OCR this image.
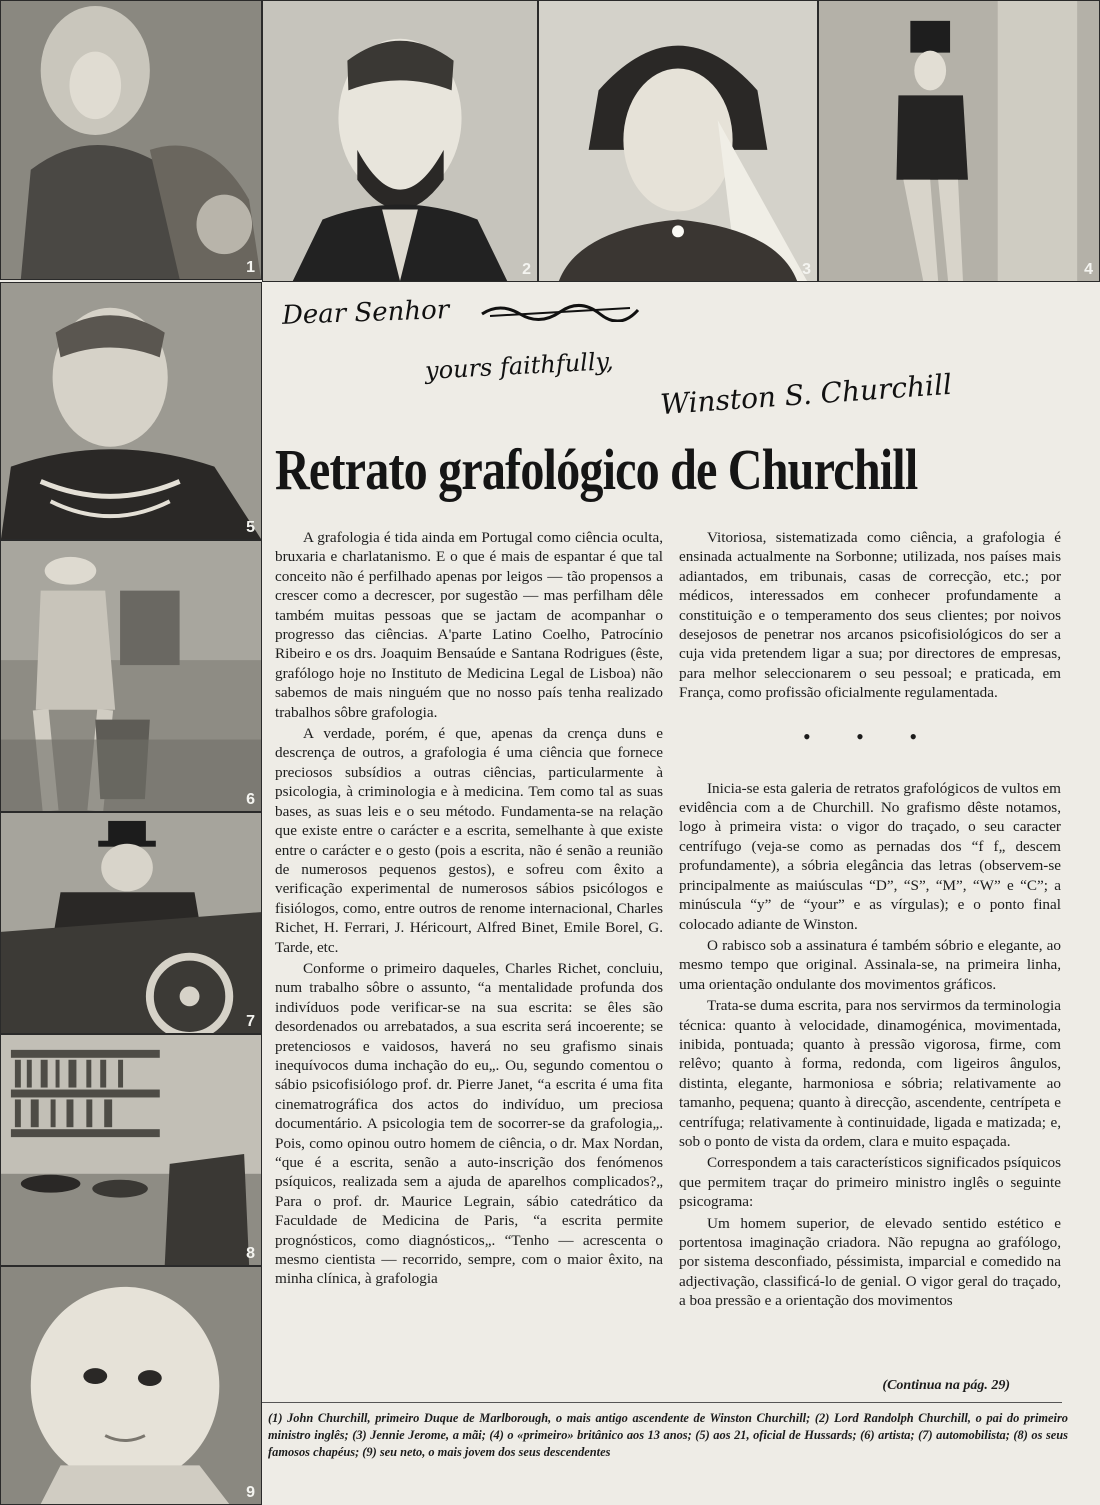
1	2	3	4
5
6
7
8
9
Dear Senhor
yours faithfully,
Winston S. Churchill
Retrato grafológico de Churchill

A grafologia é tida ainda em Portugal como ciência oculta, bruxaria e charlatanismo. E o que é mais de espantar é que tal conceito não é perfilhado apenas por leigos — tão propensos a crescer como a decrescer, por sugestão — mas perfilham dêle também muitas pessoas que se jactam de acompanhar o progresso das ciências. A'parte Latino Coelho, Patrocínio Ribeiro e os drs. Joaquim Bensaúde e Santana Rodrigues (êste, grafólogo hoje no Instituto de Medicina Legal de Lisboa) não sabemos de mais ninguém que no nosso país tenha realizado trabalhos sôbre grafologia.

A verdade, porém, é que, apenas da crença duns e descrença de outros, a grafologia é uma ciência que fornece preciosos subsídios a outras ciências, particularmente à psicologia, à criminologia e à medicina. Tem como tal as suas bases, as suas leis e o seu método. Fundamenta-se na relação que existe entre o carácter e a escrita, semelhante à que existe entre o carácter e o gesto (pois a escrita, não é senão a reunião de numerosos pequenos gestos), e sofreu com êxito a verificação experimental de numerosos sábios psicólogos e fisiólogos, como, entre outros de renome internacional, Charles Richet, H. Ferrari, J. Héricourt, Alfred Binet, Emile Borel, G. Tarde, etc.

Conforme o primeiro daqueles, Charles Richet, concluiu, num trabalho sôbre o assunto, “a mentalidade profunda dos indivíduos pode verificar-se na sua escrita: se êles são desordenados ou arrebatados, a sua escrita será incoerente; se pretenciosos e vaidosos, haverá no seu grafismo sinais inequívocos duma inchação do eu„. Ou, segundo comentou o sábio psicofisiólogo prof. dr. Pierre Janet, “a escrita é uma fita cinematrográfica dos actos do indivíduo, um preciosa documentário. A psicologia tem de socorrer-se da grafologia„. Pois, como opinou outro homem de ciência, o dr. Max Nordan, “que é a escrita, senão a auto-inscrição dos fenómenos psíquicos, realizada sem a ajuda de aparelhos complicados?„ Para o prof. dr. Maurice Legrain, sábio catedrático da Faculdade de Medicina de Paris, “a escrita permite prognósticos, como diagnósticos„. “Tenho — acrescenta o mesmo cientista — recorrido, sempre, com o maior êxito, na minha clínica, à grafologia

Vitoriosa, sistematizada como ciência, a grafologia é ensinada actualmente na Sorbonne; utilizada, nos países mais adiantados, em tribunais, casas de correcção, etc.; por médicos, interessados em conhecer profundamente a constituição e o temperamento dos seus clientes; por noivos desejosos de penetrar nos arcanos psicofisiológicos do ser a cuja vida pretendem ligar a sua; por directores de empresas, para melhor seleccionarem o seu pessoal; e praticada, em França, como profissão oficialmente regulamentada.

• • •

Inicia-se esta galeria de retratos grafológicos de vultos em evidência com a de Churchill. No grafismo dêste notamos, logo à primeira vista: o vigor do traçado, o seu caracter centrífugo (veja-se como as pernadas dos “f f„ descem profundamente), a sóbria elegância das letras (observem-se principalmente as maiúsculas “D”, “S”, “M”, “W” e “C”; a minúscula “y” de “your” e as vírgulas); e o ponto final colocado adiante de Winston.

O rabisco sob a assinatura é também sóbrio e elegante, ao mesmo tempo que original. Assinala-se, na primeira linha, uma orientação ondulante dos movimentos gráficos.

Trata-se duma escrita, para nos servirmos da terminologia técnica: quanto à velocidade, dinamogénica, movimentada, inibida, pontuada; quanto à pressão vigorosa, firme, com relêvo; quanto à forma, redonda, com ligeiros ângulos, distinta, elegante, harmoniosa e sóbria; relativamente ao tamanho, pequena; quanto à direcção, ascendente, centrípeta e centrífuga; relativamente à continuidade, ligada e matizada; e, sob o ponto de vista da ordem, clara e muito espaçada.

Correspondem a tais característicos significados psíquicos que permitem traçar do primeiro ministro inglês o seguinte psicograma:

Um homem superior, de elevado sentido estético e portentosa imaginação criadora. Não repugna ao grafólogo, por sistema desconfiado, péssimista, imparcial e comedido na adjectivação, classificá-lo de genial. O vigor geral do traçado, a boa pressão e a orientação dos movimentos

(Continua na pág. 29)
(1) John Churchill, primeiro Duque de Marlborough, o mais antigo ascendente de Winston Churchill; (2) Lord Randolph Churchill, o pai do primeiro ministro inglês; (3) Jennie Jerome, a mãi; (4) o «primeiro» britânico aos 13 anos; (5) aos 21, oficial de Hussards; (6) artista; (7) automobilista; (8) os seus famosos chapéus; (9) seu neto, o mais jovem dos seus descendentes
